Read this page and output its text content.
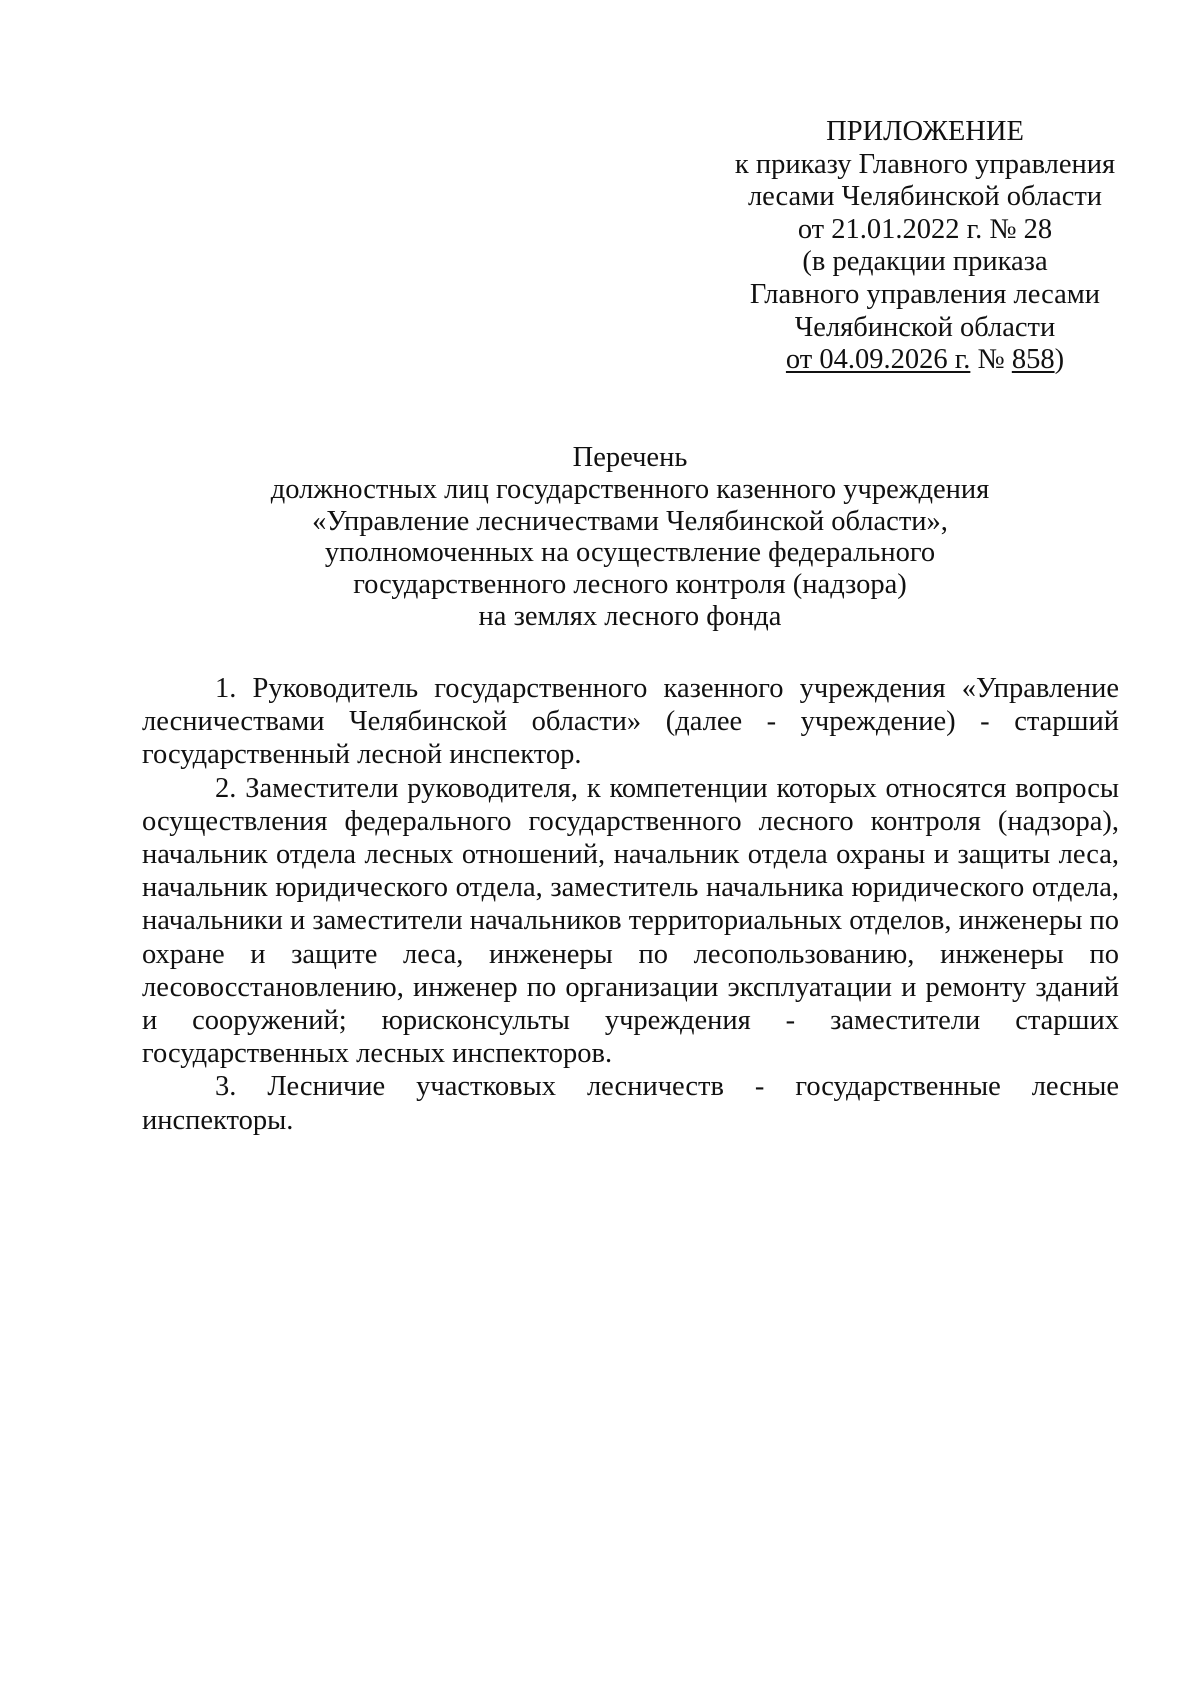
ПРИЛОЖЕНИЕ
к приказу Главного управления
лесами Челябинской области
от 21.01.2022 г. № 28
(в редакции приказа
Главного управления лесами
Челябинской области
от 04.09.2026 г. № 858)
Перечень
должностных лиц государственного казенного учреждения
«Управление лесничествами Челябинской области»,
уполномоченных на осуществление федерального
государственного лесного контроля (надзора)
на землях лесного фонда

1. Руководитель государственного казенного учреждения «Управление лесничествами Челябинской области» (далее - учреждение) - старший государственный лесной инспектор.

2. Заместители руководителя, к компетенции которых относятся вопросы осуществления федерального государственного лесного контроля (надзора), начальник отдела лесных отношений, начальник отдела охраны и защиты леса, начальник юридического отдела, заместитель начальника юридического отдела, начальники и заместители начальников территориальных отделов, инженеры по охране и защите леса, инженеры по лесопользованию, инженеры по лесовосстановлению, инженер по организации эксплуатации и ремонту зданий и сооружений; юрисконсульты учреждения - заместители старших государственных лесных инспекторов.

3. Лесничие участковых лесничеств - государственные лесные инспекторы.
